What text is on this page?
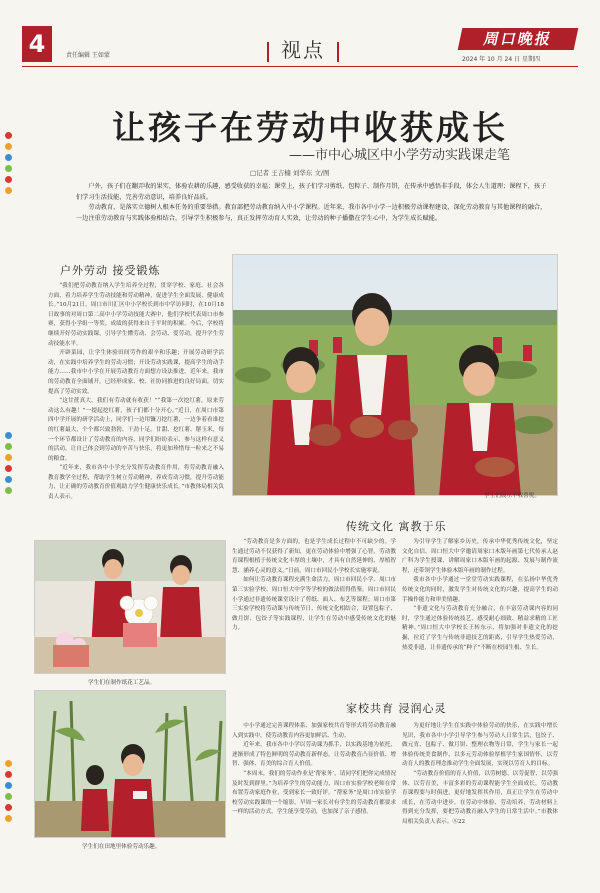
4	责任编辑 王如蒙	视点	周口晚报
2024 年 10 月 24 日 星期四
让孩子在劳动中收获成长
——市中心城区中小学劳动实践课走笔
□记者 王吉楠 刘华东 文/图

户外，孩子们在翻弄收的果实，体验农耕的乐趣，感受收获的幸福；课堂上，孩子们学习剪纸、包粽子、制作月饼，在传承中感悟非手段，体会人生道理；课程下，孩子们学习生活技能，完善劳动意识，培养良好品质。

劳动教育，是落实立德树人根本任务的重要举措。教育部把劳动教育纳入中小学课程。近年来，我市各中小学一边积极劳动课程建设，深化劳动教育与其他课程的融合，一边注重劳动教育与实践体验相结合，引导学生积极参与，真正发挥劳动育人实效，让劳动的种子播撒在学生心中，为学生成长赋能。

户外劳动 接受锻炼

“我们把劳动教育纳入学生培养全过程，贯穿学校、家庭、社会各方面，着力培养学生劳动技能和劳动精神，促进学生全面发展、健康成长。”10月21日，周口市川汇区中小学校长到市中学访问时，在10月18日故事的对周口第二高中小学劳动技能大赛中，他们学校代表周口市参赛，获得小学组一等奖。成绩的获得来自于平时的积累。今后，学校将继续开好劳动实践课，引导学生懂劳动、会劳动、爱劳动，提升学生劳动技能水平。

开辟菜园，让学生体验田间劳作的艰辛和乐趣；开展劳动研学活动，在实践中培养学生的劳动习惯；开设劳动实践课，提高学生的动手能力……我市中小学在开展劳动教育方面想方设法推进。近年来，我市的劳动教育全面铺开，已经形成家、校、社协同推进的良好局面，切实提高了劳动实效。

“这甘蔗真大，我们有劳动就有收获！”“我第一次挖红薯，原来劳动这么有趣！”一提起挖红薯，孩子们都十分开心。”近日，在周口市第四中学开展的研学活动上，同学们一边用镰刀挖红薯，一边争着看谁挖的红薯最大，个个都兴致勃勃、干劲十足。甘甜、挖红薯、掰玉米，每一个环节都设计了劳动教育的内容，同学们纷纷表示，参与这样有意义的活动，让自己体会到劳动的辛苦与快乐，将更加珍惜每一粒来之不易的粮食。

“近年来，我市各中小学充分发挥劳动教育作用，将劳动教育融入教育教学全过程，帮助学生树立劳动精神，养成劳动习惯，提升劳动能力，让正确的劳动教育价值观助力学生健康快乐成长。”市教体局相关负责人表示。	学生们展示丰收喜悦。
传统文化 寓教于乐

“劳动教育是多方面的，也是学生成长过程中不可缺少的。学生通过劳动不仅获得了新知，更在劳动体验中增强了心智，劳动教育课程根植于传统文化丰厚的土壤中，才具有自然延伸的、厚植智慧、涵养心灵的意义。”日前，周口市回民小学校长实施零说。

如何让劳动教育课程充满生命活力，周口市回民小学、周口市第三实验学校、周口恒大中学等学校的做法值得借鉴。周口市回民小学通过非遗传统课堂设计了剪纸、面人、布艺等课程；周口市第三实验学校将劳动课与传统节日、传统文化相结合，设置包粽子、做月饼、包饺子等实践课程，让学生在劳动中感受传统文化的魅力。

为引导学生了解家乡历史，传承中华优秀传统文化，坚定文化自信，周口恒大中学邀请周家口木版年画第七代传承人赵广科为学生授课，讲解周家口木版年画的起源、发展与制作流程，还带领学生体验木版年画的制作过程。

我市各中小学通过一堂堂劳动实践课程，在弘扬中华优秀传统文化的同时，激发学生对传统文化的兴趣，提高学生的动手操作能力和审美情趣。

“非遗文化与劳动教育充分融合，在丰富劳动课内容的同时，学生通过体验传统技艺，感受耐心细致、精益求精的工匠精神。”周口恒大中学校长王转东示，将加强对非遗文化的挖掘，拉近了学生与传统非遗技艺的距离，引导学生热爱劳动，热爱非遗，让非遗传承的“种子”不断在校园生根、生长。

学生们在制作纸花工艺品。
学生们在田地里体验劳动乐趣。
家校共育 浸润心灵

中小学通过完善课程体系、加强家校共育等形式将劳动教育融入到实践中，使劳动教育内容更加鲜活、生动。

近年来，我市各中小学以劳动课为抓手，以实践基地为依托，逐渐形成了特色鲜明的劳动教育新样态。让劳动教育凸显价值、增智、强体、育美的综合育人价值。

“本周末，我们的劳动作业是‘帮家务’，请同学们把你完成情况及时发到群里。”为培养学生的劳动能力，周口市实验学校老师在常布置劳动家庭作业，受到家长一致好评。“帮家务”是周口市实验学校劳动实践课的一个缩影。早周一家长对有学生的劳动教育都要求一样的活动方式，学生能享受劳动，也加深了亲子感情。

为更好地让学生在实践中体验劳动的快乐，在实践中增长见识，我市各中小学引导学生参与劳动人日常生活，包饺子、做元宵、包粽子、做月饼、整理衣物等日常，学生与家长一起体验传统美食制作，以多元劳动体验厚植学生家国情怀，以劳动育人的教育理念推动学生全面发展，实现以劳育人的目标。

“劳动教育价值的育人价值，以劳树德、以劳促智、以劳强体、以劳育美，丰富多彩的劳动课程能学生全面成长，劳动教育课程要与时俱进，更好地发挥其作用，真正让学生在劳动中成长，在劳动中进步，在劳动中体验、劳动培养，劳动材料上得到充分发挥，要把劳动教育融入学生的日常生活中。”市教体局相关负责人表示。Ⓢ22
